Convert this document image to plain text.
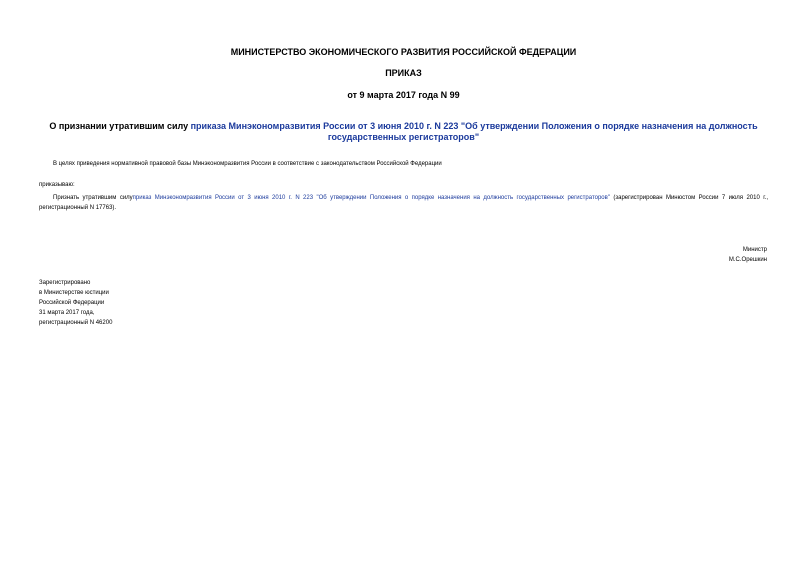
МИНИСТЕРСТВО ЭКОНОМИЧЕСКОГО РАЗВИТИЯ РОССИЙСКОЙ ФЕДЕРАЦИИ
ПРИКАЗ
от 9 марта 2017 года N 99
О признании утратившим силу приказа Минэкономразвития России от 3 июня 2010 г. N 223 "Об утверждении Положения о порядке назначения на должность государственных регистраторов"
В целях приведения нормативной правовой базы Минэкономразвития России в соответствие с законодательством Российской Федерации
приказываю:
Признать утратившим силуприказ Минэкономразвития России от 3 июня 2010 г. N 223 "Об утверждении Положения о порядке назначения на должность государственных регистраторов" (зарегистрирован Минюстом России 7 июля 2010 г., регистрационный N 17763).
Министр
М.С.Орешкин
Зарегистрировано
в Министерстве юстиции
Российской Федерации
31 марта 2017 года,
регистрационный N 46200
